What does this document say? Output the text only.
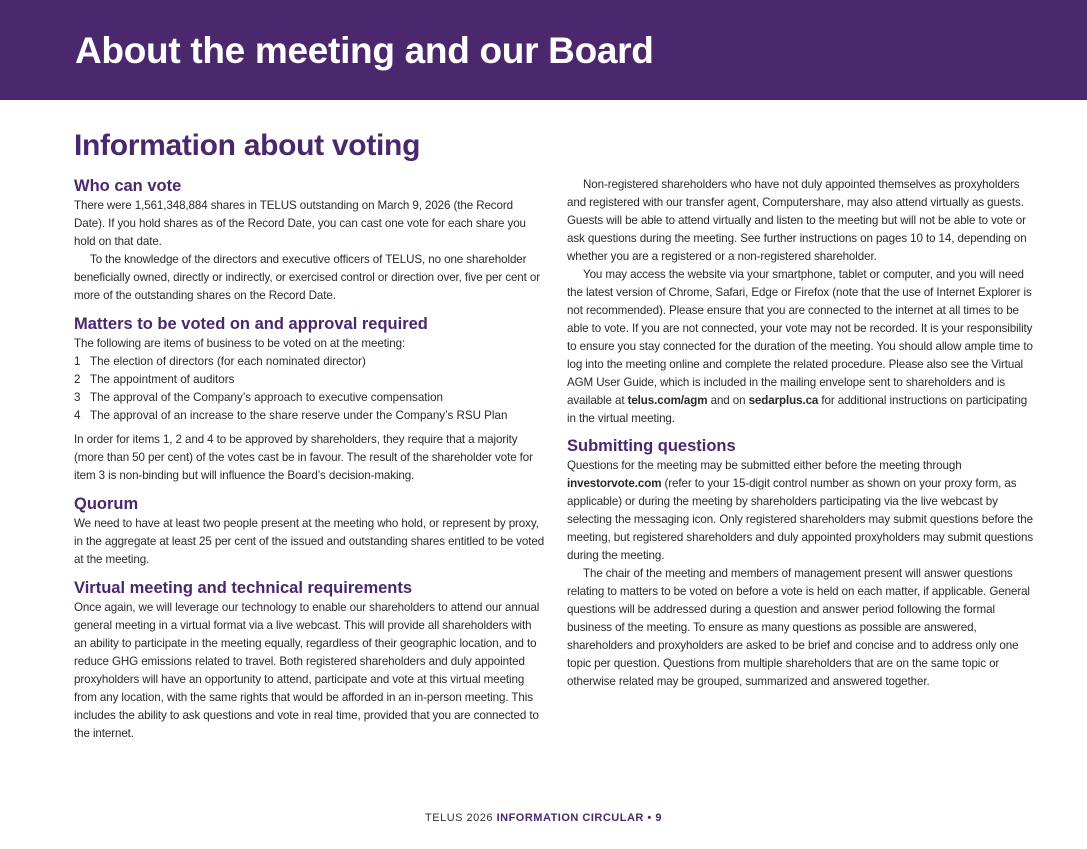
About the meeting and our Board
Information about voting
Who can vote

There were 1,561,348,884 shares in TELUS outstanding on March 9, 2026 (the Record Date). If you hold shares as of the Record Date, you can cast one vote for each share you hold on that date.

To the knowledge of the directors and executive officers of TELUS, no one shareholder beneficially owned, directly or indirectly, or exercised control or direction over, five per cent or more of the outstanding shares on the Record Date.

Matters to be voted on and approval required

The following are items of business to be voted on at the meeting:

1 The election of directors (for each nominated director)
2 The appointment of auditors
3 The approval of the Company’s approach to executive compensation
4 The approval of an increase to the share reserve under the Company’s RSU Plan

In order for items 1, 2 and 4 to be approved by shareholders, they require that a majority (more than 50 per cent) of the votes cast be in favour. The result of the shareholder vote for item 3 is non-binding but will influence the Board’s decision-making.

Quorum

We need to have at least two people present at the meeting who hold, or represent by proxy, in the aggregate at least 25 per cent of the issued and outstanding shares entitled to be voted at the meeting.

Virtual meeting and technical requirements

Once again, we will leverage our technology to enable our shareholders to attend our annual general meeting in a virtual format via a live webcast. This will provide all shareholders with an ability to participate in the meeting equally, regardless of their geographic location, and to reduce GHG emissions related to travel. Both registered shareholders and duly appointed proxyholders will have an opportunity to attend, participate and vote at this virtual meeting from any location, with the same rights that would be afforded in an in-person meeting. This includes the ability to ask questions and vote in real time, provided that you are connected to the internet.

Non-registered shareholders who have not duly appointed themselves as proxyholders and registered with our transfer agent, Computershare, may also attend virtually as guests. Guests will be able to attend virtually and listen to the meeting but will not be able to vote or ask questions during the meeting. See further instructions on pages 10 to 14, depending on whether you are a registered or a non-registered shareholder.

You may access the website via your smartphone, tablet or computer, and you will need the latest version of Chrome, Safari, Edge or Firefox (note that the use of Internet Explorer is not recommended). Please ensure that you are connected to the internet at all times to be able to vote. If you are not connected, your vote may not be recorded. It is your responsibility to ensure you stay connected for the duration of the meeting. You should allow ample time to log into the meeting online and complete the related procedure. Please also see the Virtual AGM User Guide, which is included in the mailing envelope sent to shareholders and is available at telus.com/agm and on sedarplus.ca for additional instructions on participating in the virtual meeting.

Submitting questions

Questions for the meeting may be submitted either before the meeting through investorvote.com (refer to your 15-digit control number as shown on your proxy form, as applicable) or during the meeting by shareholders participating via the live webcast by selecting the messaging icon. Only registered shareholders may submit questions before the meeting, but registered shareholders and duly appointed proxyholders may submit questions during the meeting.

The chair of the meeting and members of management present will answer questions relating to matters to be voted on before a vote is held on each matter, if applicable. General questions will be addressed during a question and answer period following the formal business of the meeting. To ensure as many questions as possible are answered, shareholders and proxyholders are asked to be brief and concise and to address only one topic per question. Questions from multiple shareholders that are on the same topic or otherwise related may be grouped, summarized and answered together.

TELUS 2026 INFORMATION CIRCULAR • 9
